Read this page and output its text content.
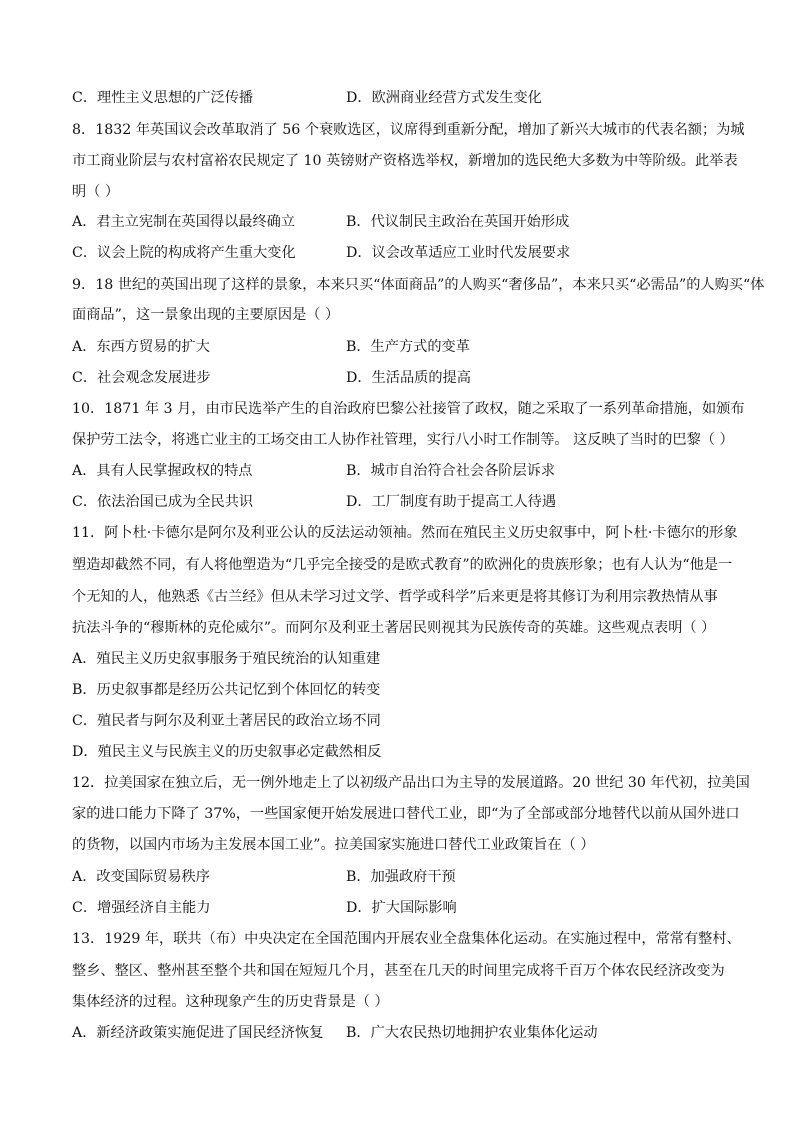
C．理性主义思想的广泛传播	D．欧洲商业经营方式发生变化
8．1832 年英国议会改革取消了 56 个衰败选区，议席得到重新分配，增加了新兴大城市的代表名额；为城
市工商业阶层与农村富裕农民规定了 10 英镑财产资格选举权，新增加的选民绝大多数为中等阶级。此举表
明（ ）
A．君主立宪制在英国得以最终确立	B．代议制民主政治在英国开始形成
C．议会上院的构成将产生重大变化	D．议会改革适应工业时代发展要求
9．18 世纪的英国出现了这样的景象，本来只买“体面商品”的人购买“奢侈品”，本来只买“必需品”的人购买“体
面商品”，这一景象出现的主要原因是（ ）
A．东西方贸易的扩大	B．生产方式的变革
C．社会观念发展进步	D．生活品质的提高
10．1871 年 3 月，由市民选举产生的自治政府巴黎公社接管了政权，随之采取了一系列革命措施，如颁布
保护劳工法令，将逃亡业主的工场交由工人协作社管理，实行八小时工作制等。 这反映了当时的巴黎（ ）
A．具有人民掌握政权的特点	B．城市自治符合社会各阶层诉求
C．依法治国已成为全民共识	D．工厂制度有助于提高工人待遇
11．阿卜杜·卡德尔是阿尔及利亚公认的反法运动领袖。然而在殖民主义历史叙事中，阿卜杜·卡德尔的形象
塑造却截然不同，有人将他塑造为“几乎完全接受的是欧式教育”的欧洲化的贵族形象；也有人认为“他是一
个无知的人，他熟悉《古兰经》但从未学习过文学、哲学或科学”后来更是将其修订为利用宗教热情从事
抗法斗争的“穆斯林的克伦威尔”。而阿尔及利亚土著居民则视其为民族传奇的英雄。这些观点表明（ ）
A．殖民主义历史叙事服务于殖民统治的认知重建
B．历史叙事都是经历公共记忆到个体回忆的转变
C．殖民者与阿尔及利亚土著居民的政治立场不同
D．殖民主义与民族主义的历史叙事必定截然相反
12．拉美国家在独立后，无一例外地走上了以初级产品出口为主导的发展道路。20 世纪 30 年代初，拉美国
家的进口能力下降了 37%，一些国家便开始发展进口替代工业，即“为了全部或部分地替代以前从国外进口
的货物，以国内市场为主发展本国工业”。拉美国家实施进口替代工业政策旨在（ ）
A．改变国际贸易秩序	B．加强政府干预
C．增强经济自主能力	D．扩大国际影响
13．1929 年，联共（布）中央决定在全国范围内开展农业全盘集体化运动。在实施过程中，常常有整村、
整乡、整区、整州甚至整个共和国在短短几个月，甚至在几天的时间里完成将千百万个体农民经济改变为
集体经济的过程。这种现象产生的历史背景是（ ）
A．新经济政策实施促进了国民经济恢复 B．广大农民热切地拥护农业集体化运动
